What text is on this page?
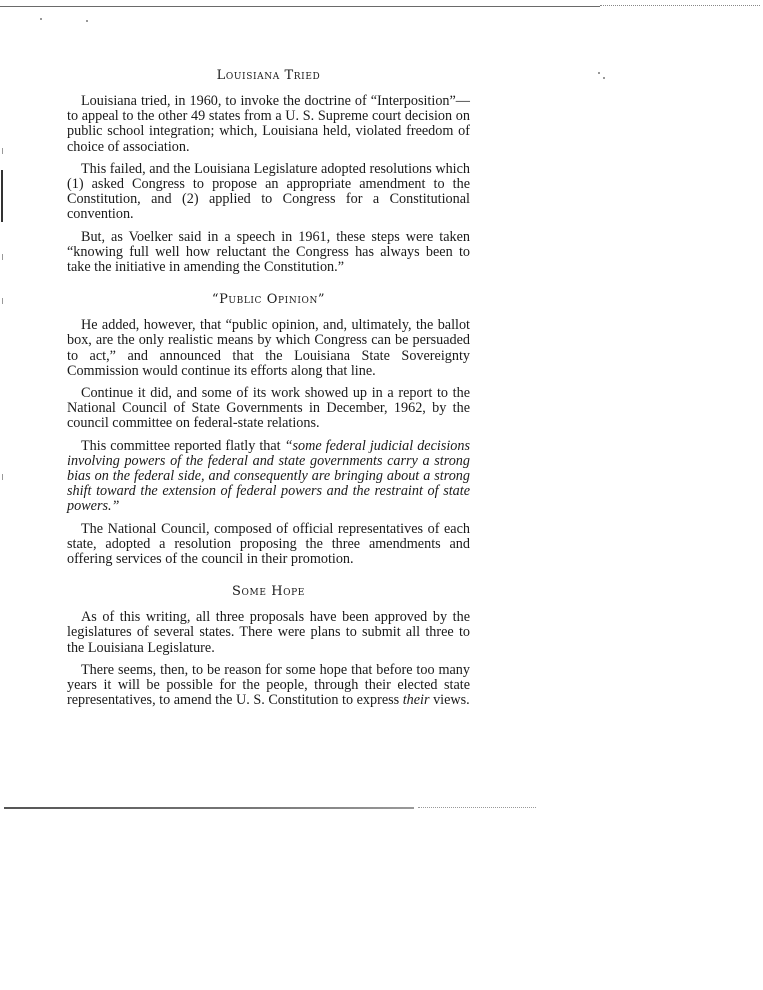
Louisiana Tried

Louisiana tried, in 1960, to invoke the doctrine of “Interposition”—to appeal to the other 49 states from a U. S. Supreme court decision on public school integration; which, Louisiana held, violated freedom of choice of association.

This failed, and the Louisiana Legislature adopted resolutions which (1) asked Congress to propose an appropriate amendment to the Constitution, and (2) applied to Congress for a Constitutional convention.

But, as Voelker said in a speech in 1961, these steps were taken “knowing full well how reluctant the Congress has always been to take the initiative in amending the Constitution.”

“Public Opinion”

He added, however, that “public opinion, and, ultimately, the ballot box, are the only realistic means by which Congress can be persuaded to act,” and announced that the Louisiana State Sovereignty Commission would continue its efforts along that line.

Continue it did, and some of its work showed up in a report to the National Council of State Governments in December, 1962, by the council committee on federal-state relations.

This committee reported flatly that “some federal judicial decisions involving powers of the federal and state governments carry a strong bias on the federal side, and consequently are bringing about a strong shift toward the extension of federal powers and the restraint of state powers.”

The National Council, composed of official representatives of each state, adopted a resolution proposing the three amendments and offering services of the council in their promotion.

Some Hope

As of this writing, all three proposals have been approved by the legislatures of several states. There were plans to submit all three to the Louisiana Legislature.

There seems, then, to be reason for some hope that before too many years it will be possible for the people, through their elected state representatives, to amend the U. S. Constitution to express their views.
